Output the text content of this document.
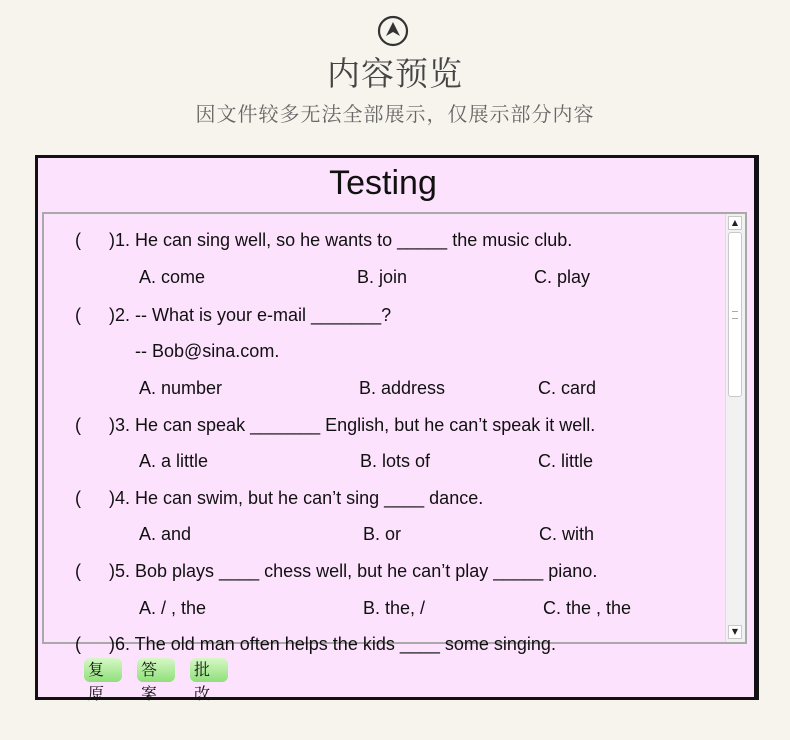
内容预览
因文件较多无法全部展示，仅展示部分内容
Testing
( )1. He can sing well, so he wants to _____ the music club.
A. come	B. join	C. play
( )2. -- What is your e-mail _______?
-- Bob@sina.com.
A. number	B. address	C. card
( )3. He can speak _______ English, but he can’t speak it well.
A. a little	B. lots of	C. little
( )4. He can swim, but he can’t sing ____ dance.
A. and	B. or	C. with
( )5. Bob plays ____ chess well, but he can’t play _____ piano.
A. / , the	B. the, /	C. the , the
( )6. The old man often helps the kids ____ some singing.
▲
▼
复原
答案
批改
